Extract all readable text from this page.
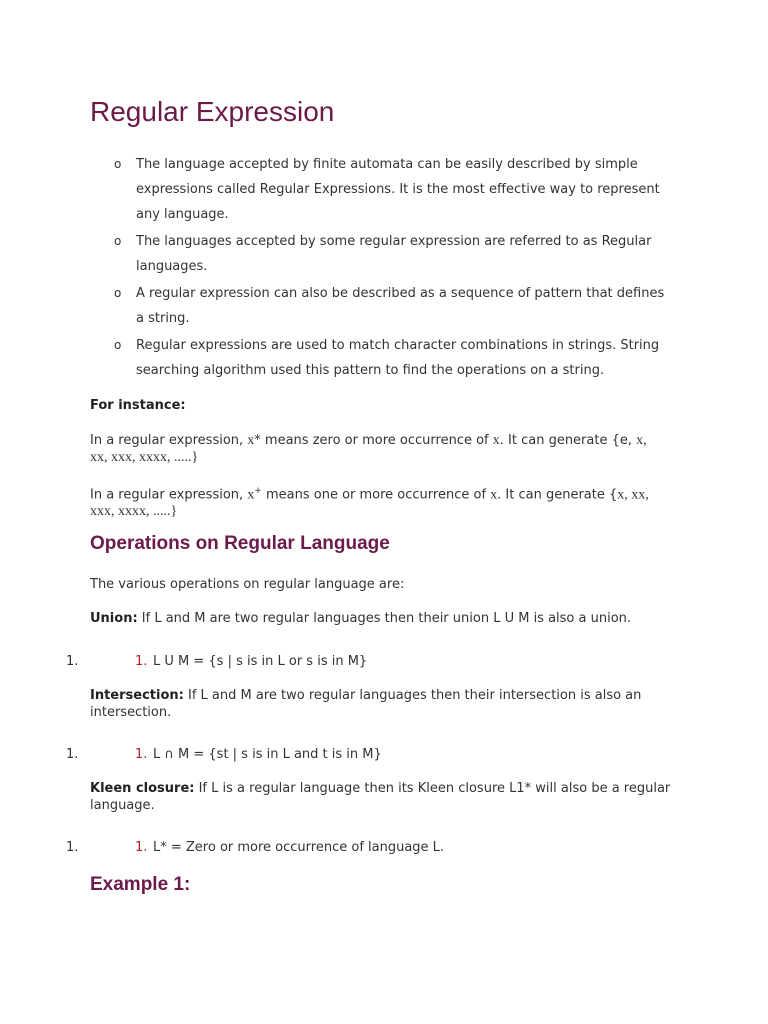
Regular Expression
o The language accepted by finite automata can be easily described by simple
expressions called Regular Expressions. It is the most effective way to represent
any language.
o The languages accepted by some regular expression are referred to as Regular
languages.
o A regular expression can also be described as a sequence of pattern that defines
a string.
o Regular expressions are used to match character combinations in strings. String
searching algorithm used this pattern to find the operations on a string.
For instance:
In a regular expression, x* means zero or more occurrence of x. It can generate {e, x,
xx, xxx, xxxx, .....}
In a regular expression, x+ means one or more occurrence of x. It can generate {x, xx,
xxx, xxxx, .....}
Operations on Regular Language
The various operations on regular language are:
Union: If L and M are two regular languages then their union L U M is also a union.
1.	1. L U M = {s | s is in L or s is in M}
Intersection: If L and M are two regular languages then their intersection is also an intersection.
1.	1. L ∩ M = {st | s is in L and t is in M}
Kleen closure: If L is a regular language then its Kleen closure L1* will also be a regular language.
1.	1. L* = Zero or more occurrence of language L.
Example 1:
